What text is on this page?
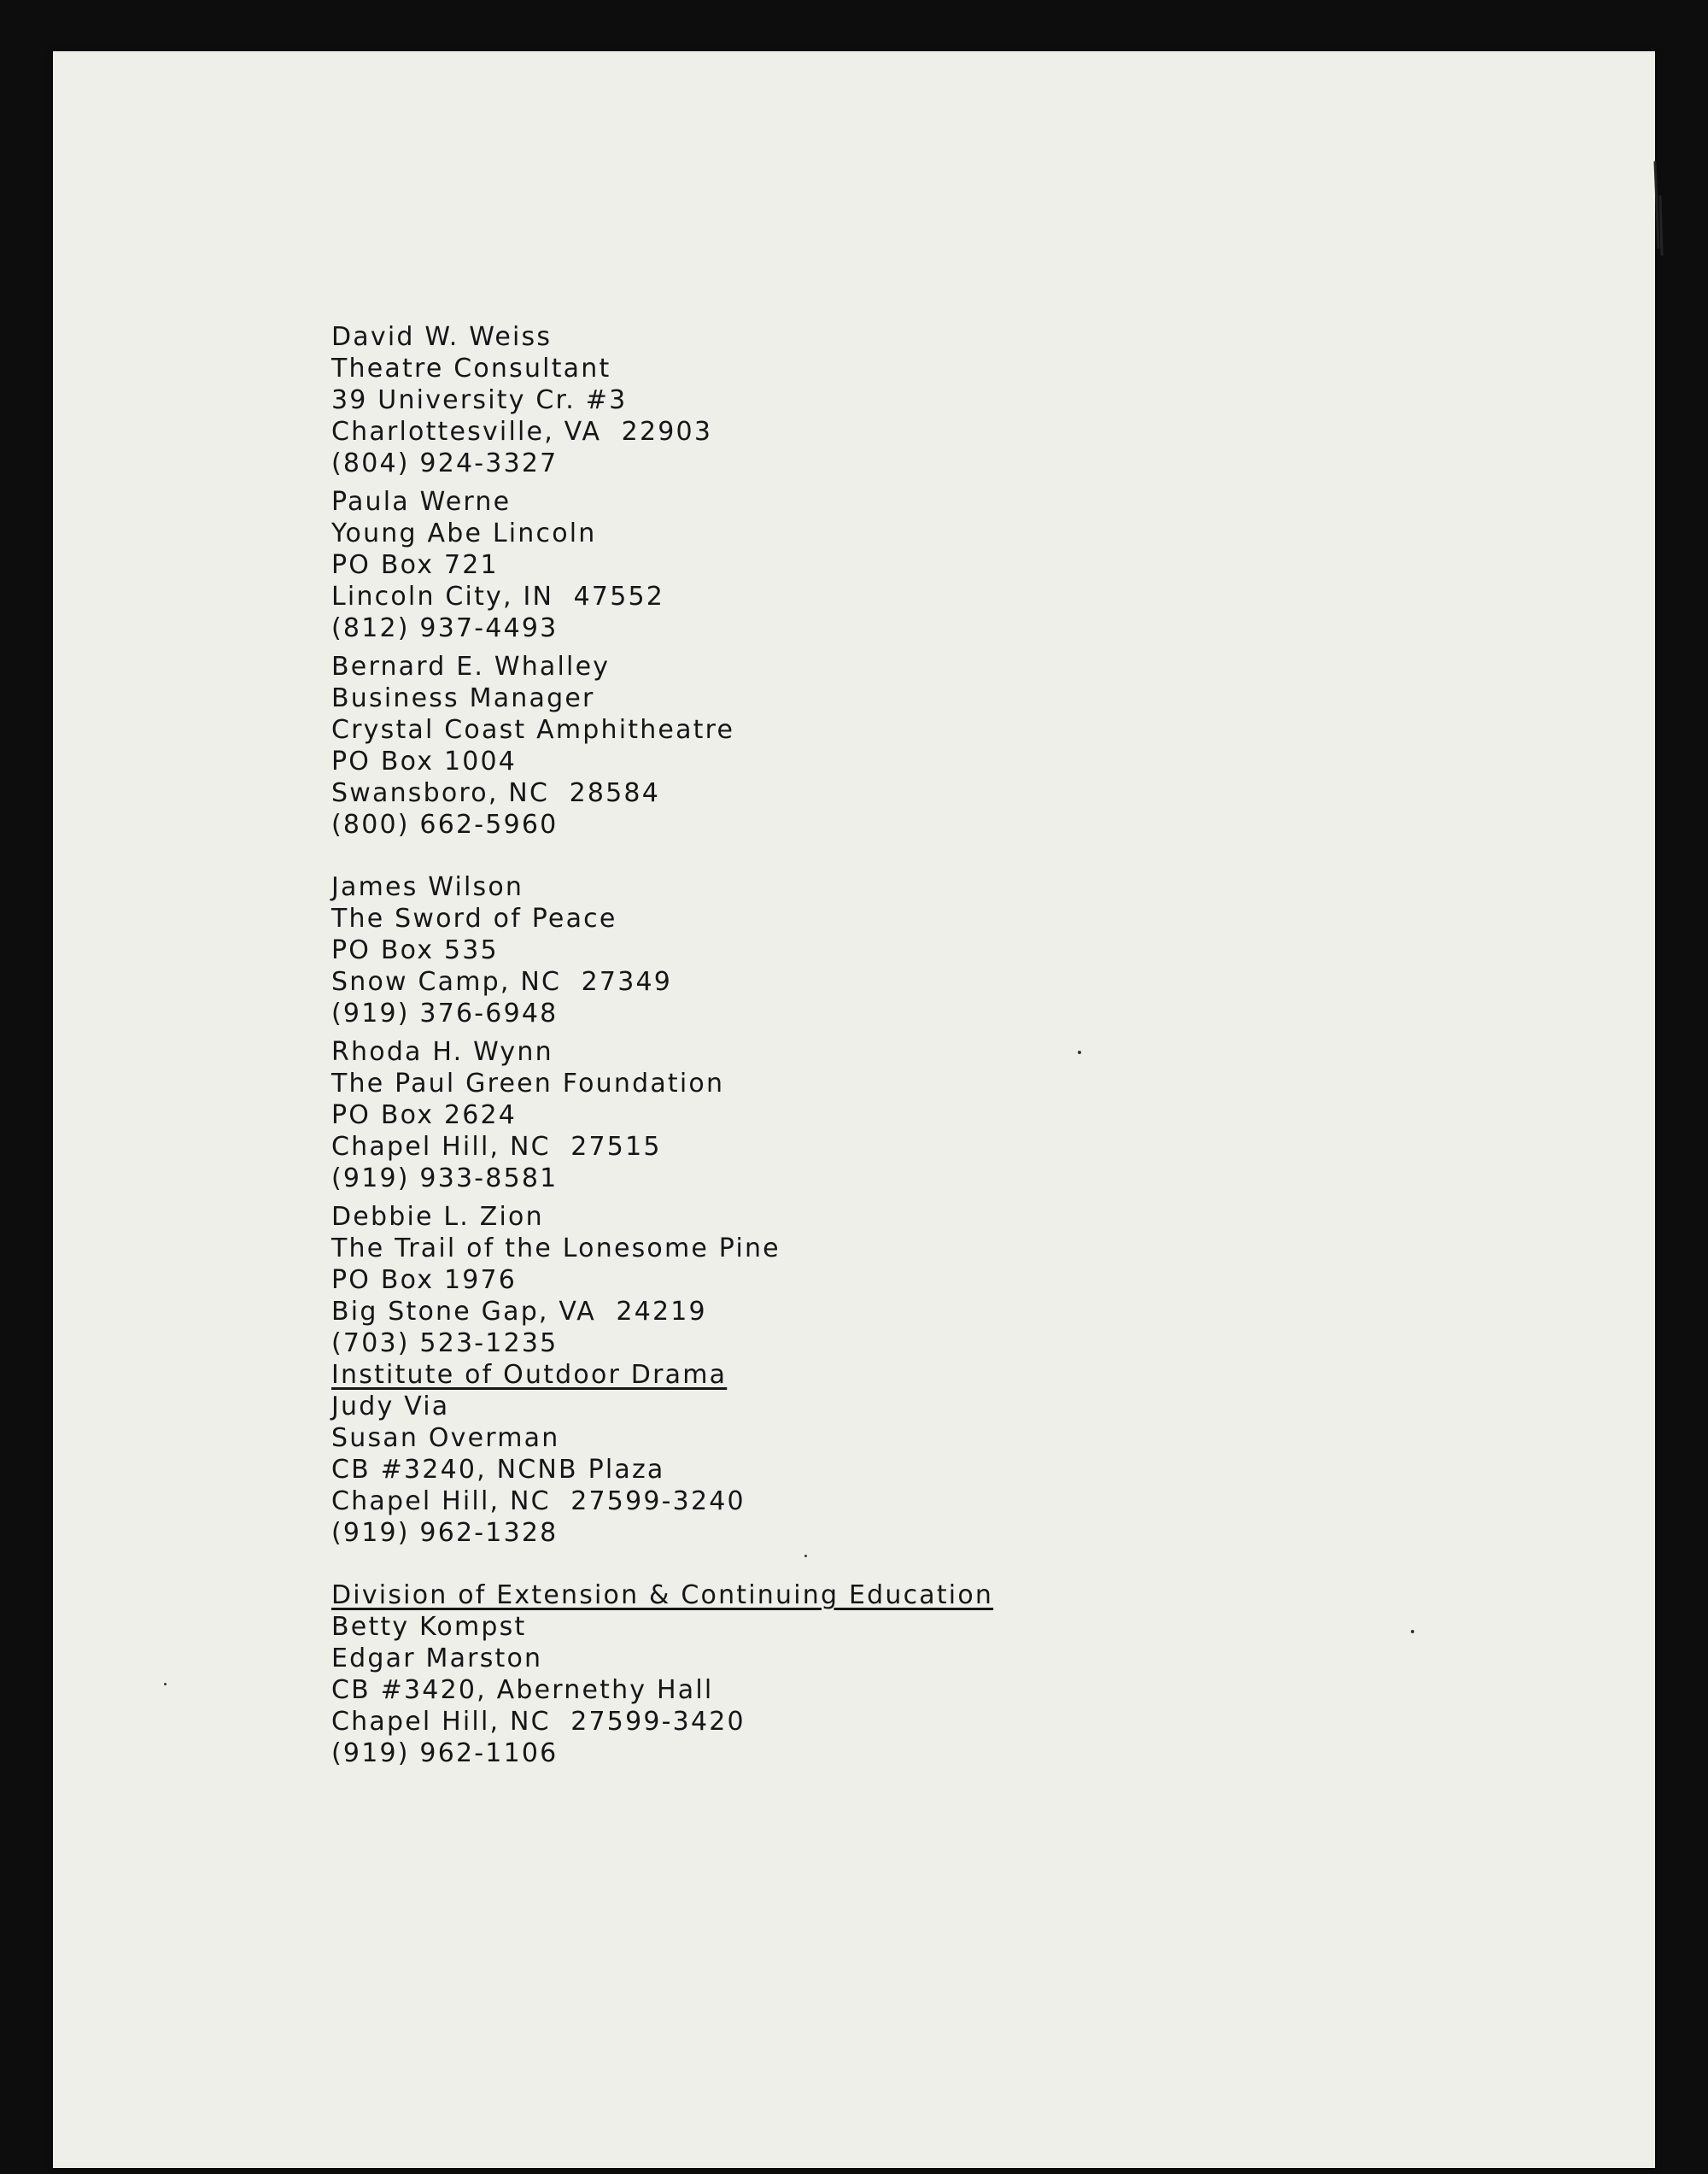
David W. Weiss
Theatre Consultant
39 University Cr. #3
Charlottesville, VA  22903
(804) 924-3327
Paula Werne
Young Abe Lincoln
PO Box 721
Lincoln City, IN  47552
(812) 937-4493
Bernard E. Whalley
Business Manager
Crystal Coast Amphitheatre
PO Box 1004
Swansboro, NC  28584
(800) 662-5960
James Wilson
The Sword of Peace
PO Box 535
Snow Camp, NC  27349
(919) 376-6948
Rhoda H. Wynn
The Paul Green Foundation
PO Box 2624
Chapel Hill, NC  27515
(919) 933-8581
Debbie L. Zion
The Trail of the Lonesome Pine
PO Box 1976
Big Stone Gap, VA  24219
(703) 523-1235
Institute of Outdoor Drama
Judy Via
Susan Overman
CB #3240, NCNB Plaza
Chapel Hill, NC  27599-3240
(919) 962-1328
Division of Extension & Continuing Education
Betty Kompst
Edgar Marston
CB #3420, Abernethy Hall
Chapel Hill, NC  27599-3420
(919) 962-1106
